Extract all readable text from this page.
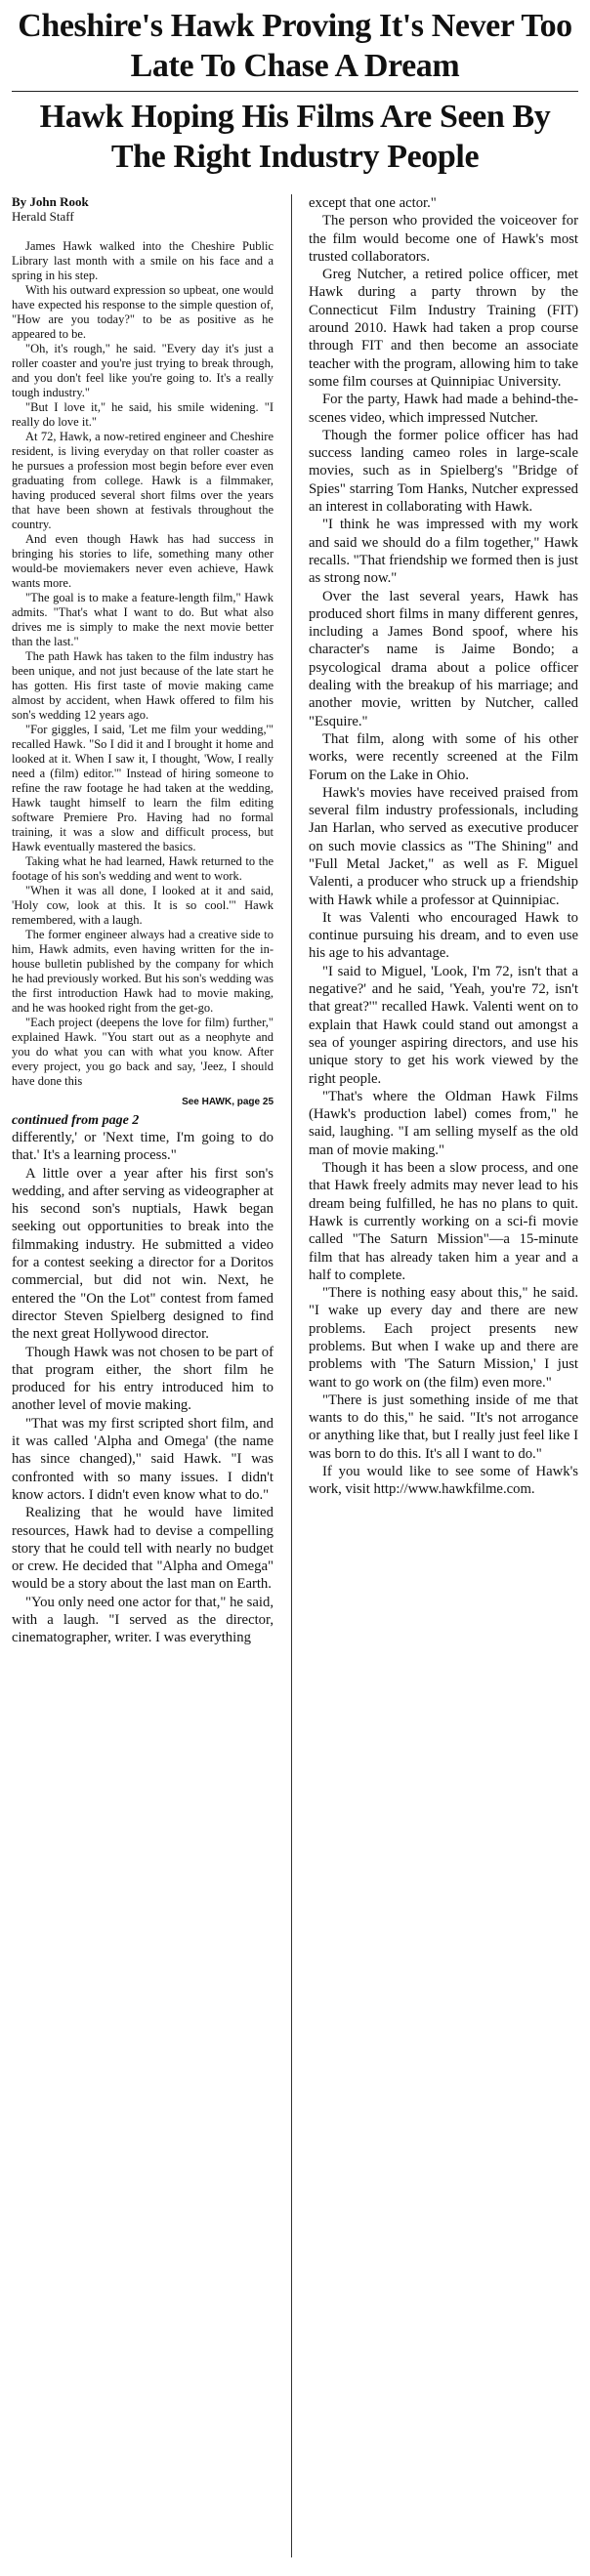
Cheshire's Hawk Proving It's Never Too Late To Chase A Dream
Hawk Hoping His Films Are Seen By The Right Industry People
By John Rook
Herald Staff

James Hawk walked into the Cheshire Public Library last month with a smile on his face and a spring in his step.

With his outward expression so upbeat, one would have expected his response to the simple question of, "How are you today?" to be as positive as he appeared to be.

"Oh, it's rough," he said. "Every day it's just a roller coaster and you're just trying to break through, and you don't feel like you're going to. It's a really tough industry."

"But I love it," he said, his smile widening. "I really do love it."

At 72, Hawk, a now-retired engineer and Cheshire resident, is living everyday on that roller coaster as he pursues a profession most begin before ever even graduating from college. Hawk is a filmmaker, having produced several short films over the years that have been shown at festivals throughout the country.

And even though Hawk has had success in bringing his stories to life, something many other would-be moviemakers never even achieve, Hawk wants more.

"The goal is to make a feature-length film," Hawk admits. "That's what I want to do. But what also drives me is simply to make the next movie better than the last."

The path Hawk has taken to the film industry has been unique, and not just because of the late start he has gotten. His first taste of movie making came almost by accident, when Hawk offered to film his son's wedding 12 years ago.

"For giggles, I said, 'Let me film your wedding,'" recalled Hawk. "So I did it and I brought it home and looked at it. When I saw it, I thought, 'Wow, I really need a (film) editor.'" Instead of hiring someone to refine the raw footage he had taken at the wedding, Hawk taught himself to learn the film editing software Premiere Pro. Having had no formal training, it was a slow and difficult process, but Hawk eventually mastered the basics.

Taking what he had learned, Hawk returned to the footage of his son's wedding and went to work.

"When it was all done, I looked at it and said, 'Holy cow, look at this. It is so cool.'" Hawk remembered, with a laugh.

The former engineer always had a creative side to him, Hawk admits, even having written for the in-house bulletin published by the company for which he had previously worked. But his son's wedding was the first introduction Hawk had to movie making, and he was hooked right from the get-go.

"Each project (deepens the love for film) further," explained Hawk. "You start out as a neophyte and you do what you can with what you know. After every project, you go back and say, 'Jeez, I should have done this

See HAWK, page 25
continued from page 2

differently,' or 'Next time, I'm going to do that.' It's a learning process."

A little over a year after his first son's wedding, and after serving as videographer at his second son's nuptials, Hawk began seeking out opportunities to break into the filmmaking industry. He submitted a video for a contest seeking a director for a Doritos commercial, but did not win. Next, he entered the "On the Lot" contest from famed director Steven Spielberg designed to find the next great Hollywood director.

Though Hawk was not chosen to be part of that program either, the short film he produced for his entry introduced him to another level of movie making.

"That was my first scripted short film, and it was called 'Alpha and Omega' (the name has since changed)," said Hawk. "I was confronted with so many issues. I didn't know actors. I didn't even know what to do."

Realizing that he would have limited resources, Hawk had to devise a compelling story that he could tell with nearly no budget or crew. He decided that "Alpha and Omega" would be a story about the last man on Earth.

"You only need one actor for that," he said, with a laugh. "I served as the director, cinematographer, writer. I was everything

except that one actor."

The person who provided the voiceover for the film would become one of Hawk's most trusted collaborators.

Greg Nutcher, a retired police officer, met Hawk during a party thrown by the Connecticut Film Industry Training (FIT) around 2010. Hawk had taken a prop course through FIT and then become an associate teacher with the program, allowing him to take some film courses at Quinnipiac University.

For the party, Hawk had made a behind-the-scenes video, which impressed Nutcher.

Though the former police officer has had success landing cameo roles in large-scale movies, such as in Spielberg's "Bridge of Spies" starring Tom Hanks, Nutcher expressed an interest in collaborating with Hawk.

"I think he was impressed with my work and said we should do a film together," Hawk recalls. "That friendship we formed then is just as strong now."

Over the last several years, Hawk has produced short films in many different genres, including a James Bond spoof, where his character's name is Jaime Bondo; a psycological drama about a police officer dealing with the breakup of his marriage; and another movie, written by Nutcher, called "Esquire."

That film, along with some of his other works, were recently screened at the Film Forum on the Lake in Ohio.

Hawk's movies have received praised from several film industry professionals, including Jan Harlan, who served as executive producer on such movie classics as "The Shining" and "Full Metal Jacket," as well as F. Miguel Valenti, a producer who struck up a friendship with Hawk while a professor at Quinnipiac.

It was Valenti who encouraged Hawk to continue pursuing his dream, and to even use his age to his advantage.

"I said to Miguel, 'Look, I'm 72, isn't that a negative?' and he said, 'Yeah, you're 72, isn't that great?'" recalled Hawk. Valenti went on to explain that Hawk could stand out amongst a sea of younger aspiring directors, and use his unique story to get his work viewed by the right people.

"That's where the Oldman Hawk Films (Hawk's production label) comes from," he said, laughing. "I am selling myself as the old man of movie making."

Though it has been a slow process, and one that Hawk freely admits may never lead to his dream being fulfilled, he has no plans to quit. Hawk is currently working on a sci-fi movie called "The Saturn Mission"—a 15-minute film that has already taken him a year and a half to complete.

"There is nothing easy about this," he said. "I wake up every day and there are new problems. Each project presents new problems. But when I wake up and there are problems with 'The Saturn Mission,' I just want to go work on (the film) even more."

"There is just something inside of me that wants to do this," he said. "It's not arrogance or anything like that, but I really just feel like I was born to do this. It's all I want to do."

If you would like to see some of Hawk's work, visit http://www.hawkfilme.com.
